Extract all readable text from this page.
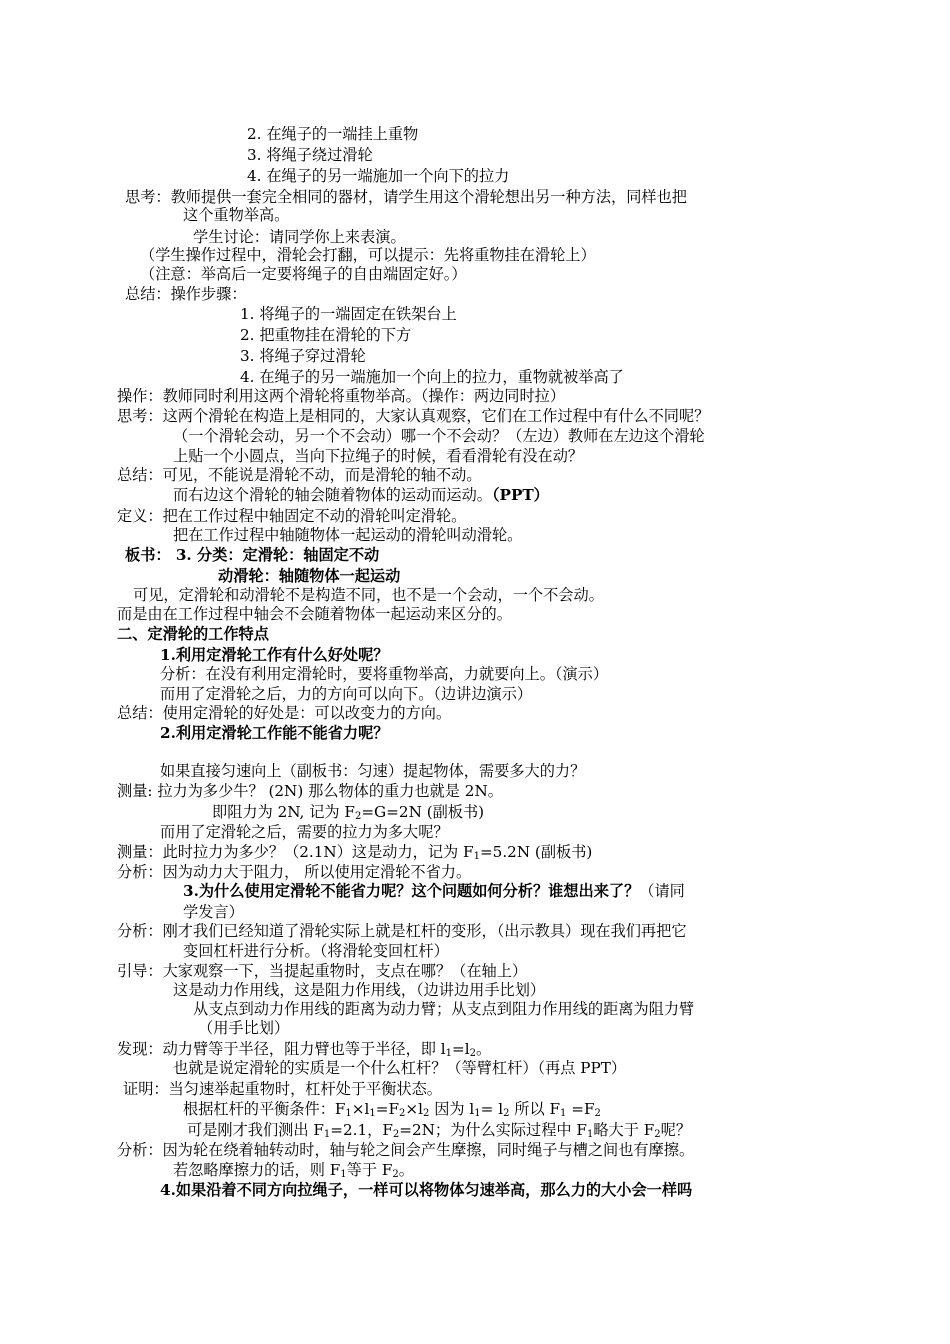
2. 在绳子的一端挂上重物
3. 将绳子绕过滑轮
4. 在绳子的另一端施加一个向下的拉力
思考：教师提供一套完全相同的器材，请学生用这个滑轮想出另一种方法，同样也把
这个重物举高。
学生讨论：请同学你上来表演。
（学生操作过程中，滑轮会打翻，可以提示：先将重物挂在滑轮上）
（注意：举高后一定要将绳子的自由端固定好。）
总结：操作步骤：
1. 将绳子的一端固定在铁架台上
2. 把重物挂在滑轮的下方
3. 将绳子穿过滑轮
4. 在绳子的另一端施加一个向上的拉力，重物就被举高了
操作：教师同时利用这两个滑轮将重物举高。（操作：两边同时拉）
思考：这两个滑轮在构造上是相同的，大家认真观察，它们在工作过程中有什么不同呢？
（一个滑轮会动，另一个不会动）哪一个不会动？（左边）教师在左边这个滑轮
上贴一个小圆点，当向下拉绳子的时候，看看滑轮有没在动？
总结：可见，不能说是滑轮不动，而是滑轮的轴不动。
而右边这个滑轮的轴会随着物体的运动而运动。（PPT）
定义：把在工作过程中轴固定不动的滑轮叫定滑轮。
把在工作过程中轴随物体一起运动的滑轮叫动滑轮。
板书： 3. 分类：定滑轮：轴固定不动
动滑轮：轴随物体一起运动
可见，定滑轮和动滑轮不是构造不同，也不是一个会动，一个不会动。
而是由在工作过程中轴会不会随着物体一起运动来区分的。
二、定滑轮的工作特点
1.利用定滑轮工作有什么好处呢？
分析：在没有利用定滑轮时，要将重物举高，力就要向上。（演示）
而用了定滑轮之后，力的方向可以向下。（边讲边演示）
总结：使用定滑轮的好处是：可以改变力的方向。
2.利用定滑轮工作能不能省力呢？
如果直接匀速向上（副板书：匀速）提起物体，需要多大的力？
测量: 拉力为多少牛？ (2N) 那么物体的重力也就是 2N。
即阻力为 2N, 记为 $F_2=G=2N$ (副板书)
而用了定滑轮之后，需要的拉力为多大呢？
测量：此时拉力为多少？（2.1N）这是动力，记为 $F_1=5.2N$ (副板书)
分析：因为动力大于阻力， 所以使用定滑轮不省力。
3.为什么使用定滑轮不能省力呢？这个问题如何分析？谁想出来了？（请同
学发言）
分析：刚才我们已经知道了滑轮实际上就是杠杆的变形，（出示教具）现在我们再把它
变回杠杆进行分析。（将滑轮变回杠杆）
引导：大家观察一下，当提起重物时，支点在哪？（在轴上）
这是动力作用线，这是阻力作用线，（边讲边用手比划）
从支点到动力作用线的距离为动力臂；从支点到阻力作用线的距离为阻力臂
（用手比划）
发现：动力臂等于半径，阻力臂也等于半径，即 $l_1=l_2$。
也就是说定滑轮的实质是一个什么杠杆？（等臂杠杆）（再点 PPT）
证明：当匀速举起重物时，杠杆处于平衡状态。
根据杠杆的平衡条件：$F_1\times l_1=F_2\times l_2$ 因为 $l_1= l_2$ 所以 $F_1 =F_2$
可是刚才我们测出 $F_1=2.1$，$F_2=2N$；为什么实际过程中 $F_1$略大于 $F_2$呢？
分析：因为轮在绕着轴转动时，轴与轮之间会产生摩擦，同时绳子与槽之间也有摩擦。
若忽略摩擦力的话，则 $F_1$等于 $F_2$。
4.如果沿着不同方向拉绳子，一样可以将物体匀速举高，那么力的大小会一样吗
